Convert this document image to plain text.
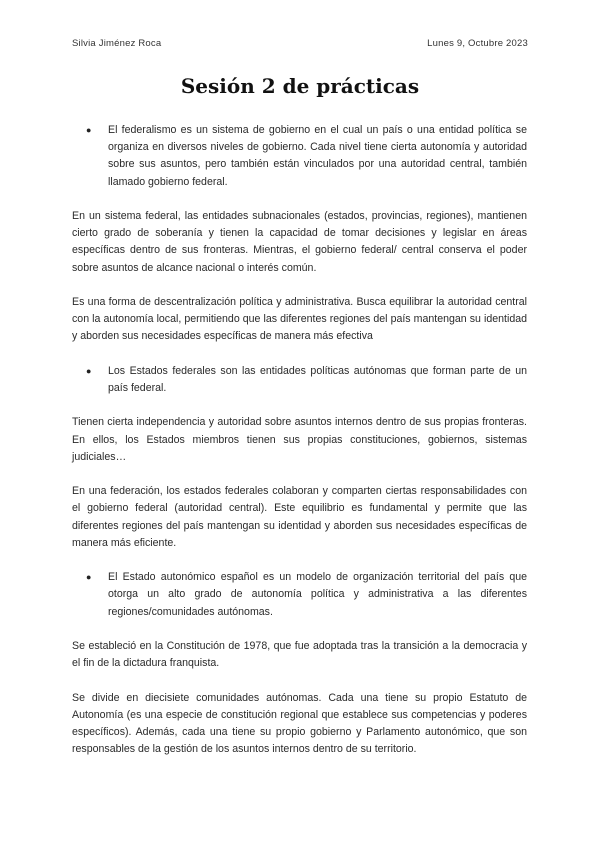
Silvia Jiménez Roca	Lunes 9, Octubre 2023
Sesión 2 de prácticas
●	El federalismo es un sistema de gobierno en el cual un país o una entidad política se organiza en diversos niveles de gobierno. Cada nivel tiene cierta autonomía y autoridad sobre sus asuntos, pero también están vinculados por una autoridad central, también llamado gobierno federal.

En un sistema federal, las entidades subnacionales (estados, provincias, regiones), mantienen cierto grado de soberanía y tienen la capacidad de tomar decisiones y legislar en áreas específicas dentro de sus fronteras. Mientras, el gobierno federal/ central conserva el poder sobre asuntos de alcance nacional o interés común.

Es una forma de descentralización política y administrativa. Busca equilibrar la autoridad central con la autonomía local, permitiendo que las diferentes regiones del país mantengan su identidad y aborden sus necesidades específicas de manera más efectiva

●	Los Estados federales son las entidades políticas autónomas que forman parte de un país federal.

Tienen cierta independencia y autoridad sobre asuntos internos dentro de sus propias fronteras. En ellos, los Estados miembros tienen sus propias constituciones, gobiernos, sistemas judiciales…

En una federación, los estados federales colaboran y comparten ciertas responsabilidades con el gobierno federal (autoridad central). Este equilibrio es fundamental y permite que las diferentes regiones del país mantengan su identidad y aborden sus necesidades específicas de manera más eficiente.

●	El Estado autonómico español es un modelo de organización territorial del país que otorga un alto grado de autonomía política y administrativa a las diferentes regiones/comunidades autónomas.

Se estableció en la Constitución de 1978, que fue adoptada tras la transición a la democracia y el fin de la dictadura franquista.

Se divide en diecisiete comunidades autónomas. Cada una tiene su propio Estatuto de Autonomía (es una especie de constitución regional que establece sus competencias y poderes específicos). Además, cada una tiene su propio gobierno y Parlamento autonómico, que son responsables de la gestión de los asuntos internos dentro de su territorio.
